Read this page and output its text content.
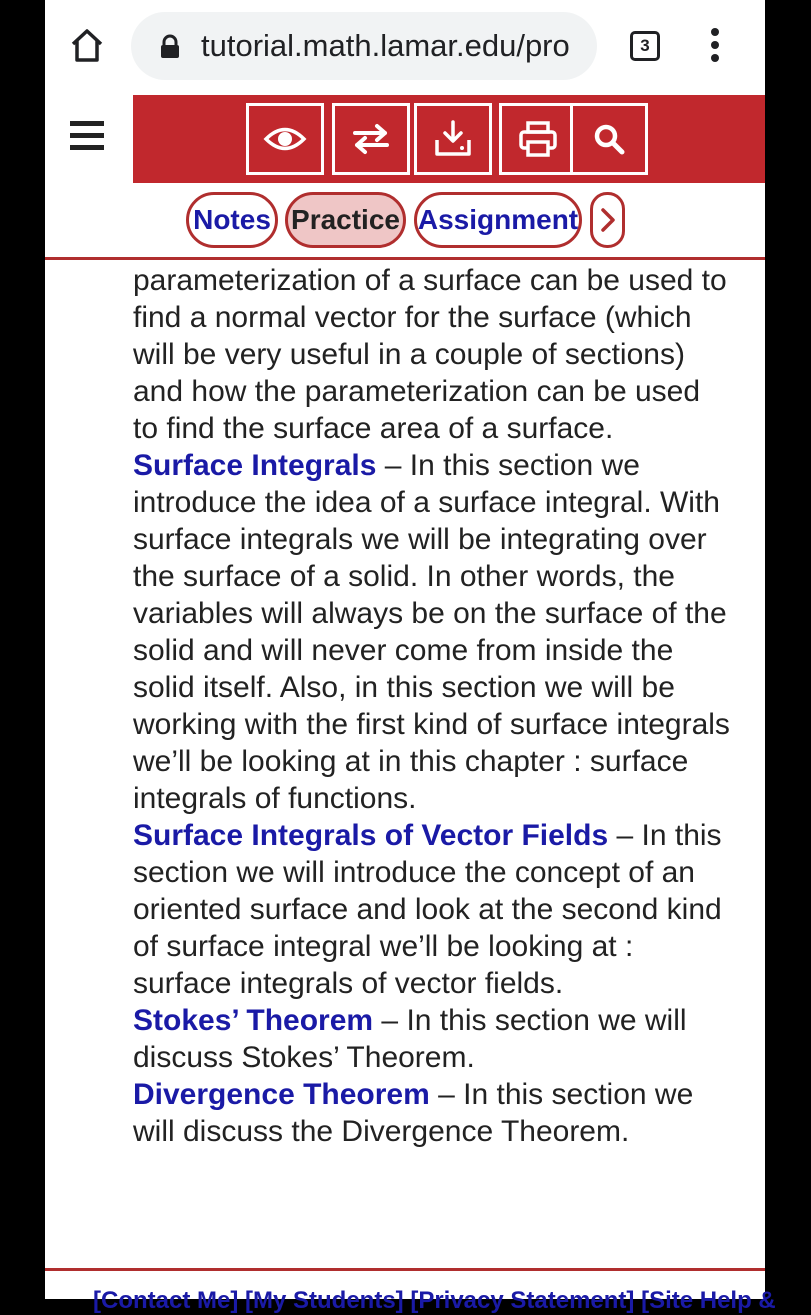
tutorial.math.lamar.edu/pro	3
Notes Practice Assignment

parameterization of a surface can be used to find a normal vector for the surface (which will be very useful in a couple of sections) and how the parameterization can be used to find the surface area of a surface.

Surface Integrals – In this section we introduce the idea of a surface integral. With surface integrals we will be integrating over the surface of a solid. In other words, the variables will always be on the surface of the solid and will never come from inside the solid itself. Also, in this section we will be working with the first kind of surface integrals we’ll be looking at in this chapter : surface integrals of functions.

Surface Integrals of Vector Fields – In this section we will introduce the concept of an oriented surface and look at the second kind of surface integral we’ll be looking at : surface integrals of vector fields.

Stokes’ Theorem – In this section we will discuss Stokes’ Theorem.

Divergence Theorem – In this section we will discuss the Divergence Theorem.

[Contact Me] [My Students] [Privacy Statement] [Site Help &
